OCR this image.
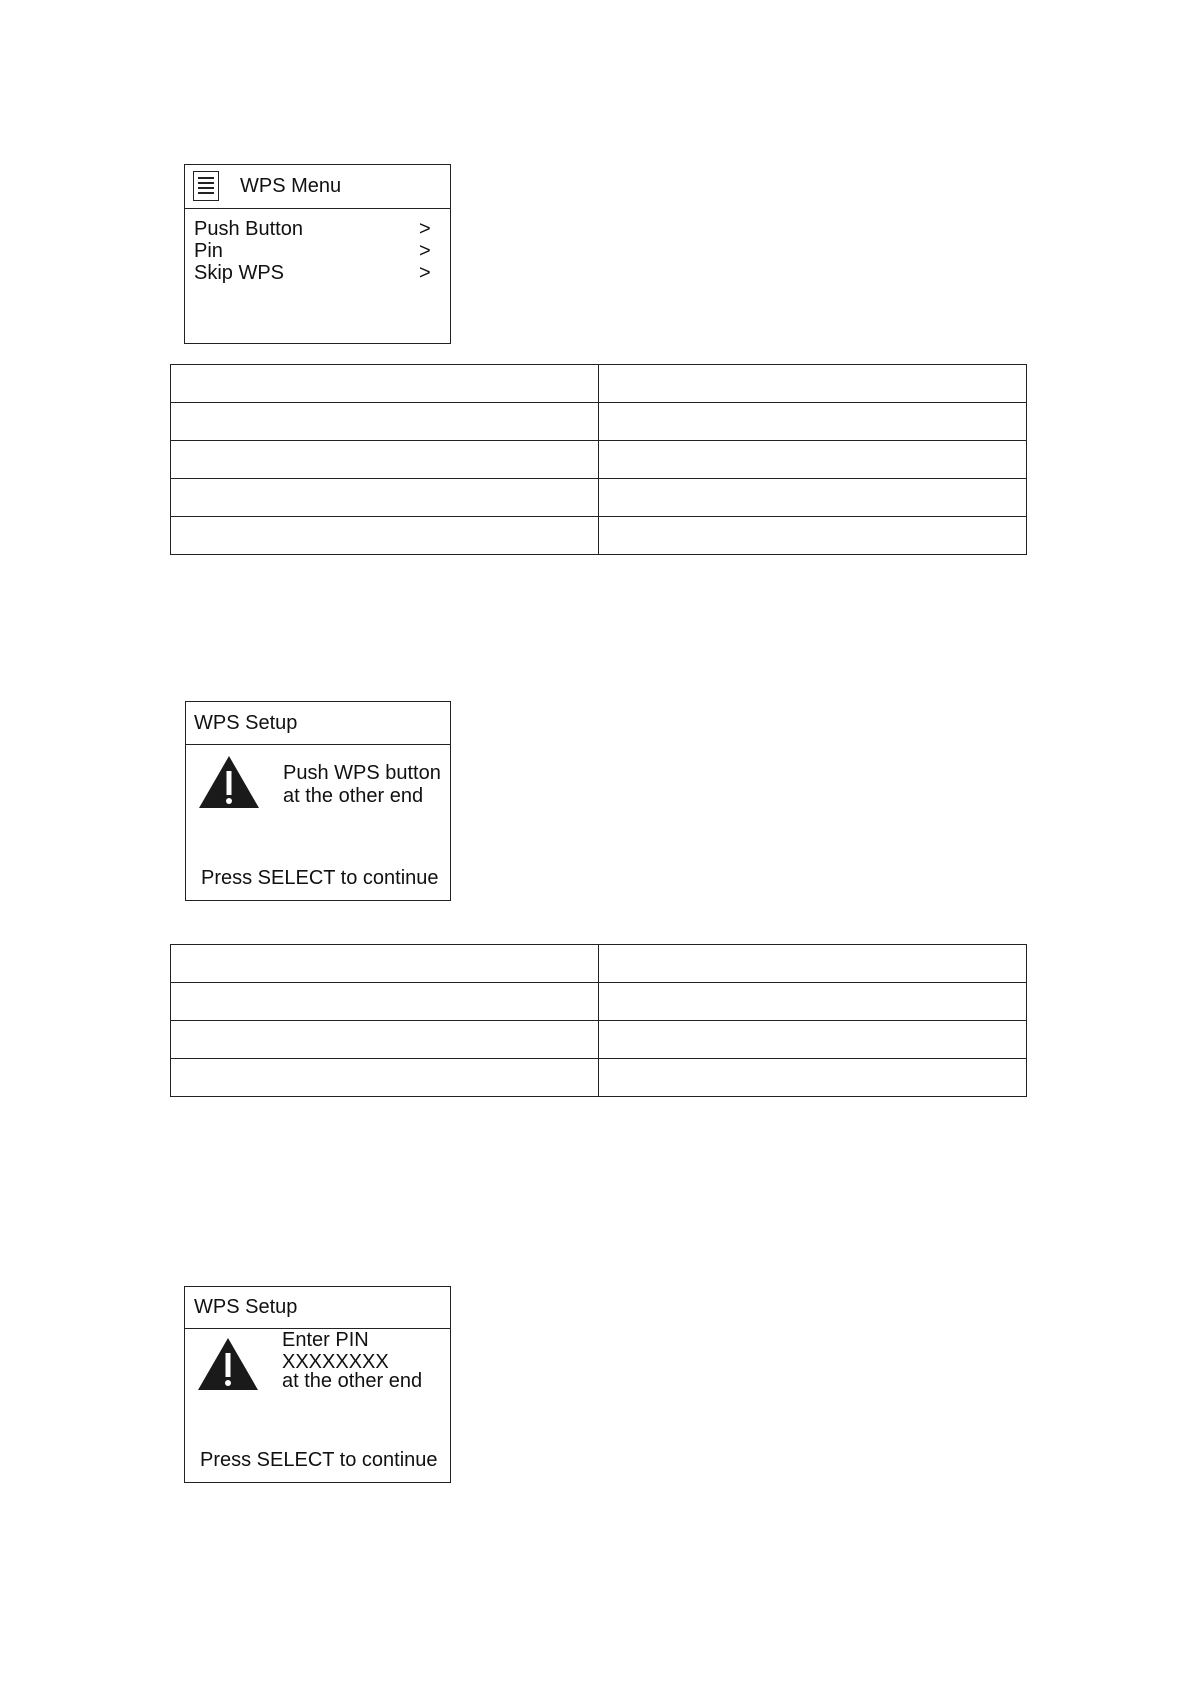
WPS Menu
Push Button	>
Pin	>
Skip WPS	>

WPS Setup
Push WPS button
at the other end
Press SELECT to continue

WPS Setup
Enter PIN
XXXXXXXX
at the other end
Press SELECT to continue
